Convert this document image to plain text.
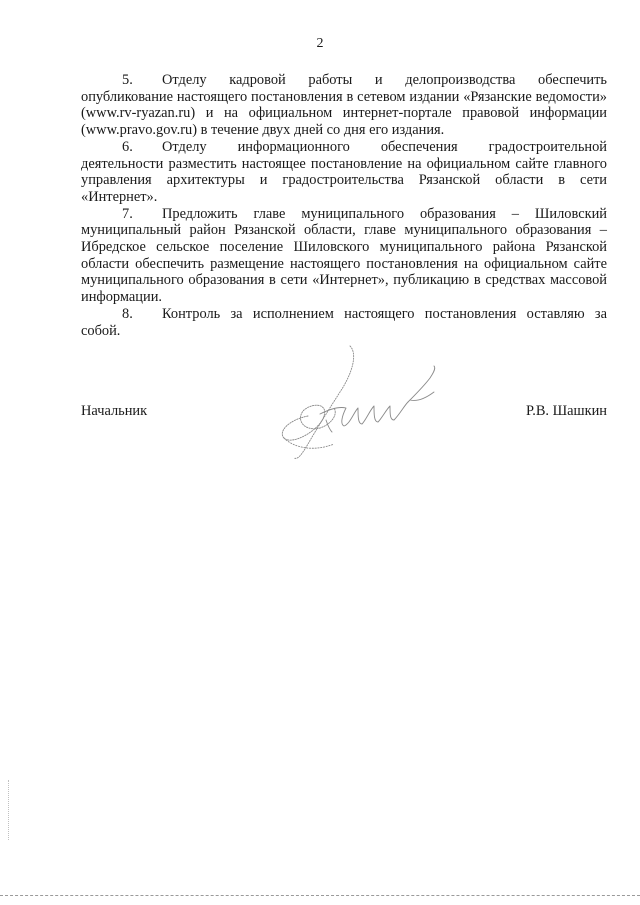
2

5. Отделу кадровой работы и делопроизводства обеспечить опубликование настоящего постановления в сетевом издании «Рязанские ведомости» (www.rv-ryazan.ru) и на официальном интернет-портале правовой информации (www.pravo.gov.ru) в течение двух дней со дня его издания.

6. Отделу информационного обеспечения градостроительной деятельности разместить настоящее постановление на официальном сайте главного управления архитектуры и градостроительства Рязанской области в сети «Интернет».

7. Предложить главе муниципального образования – Шиловский муниципальный район Рязанской области, главе муниципального образования – Ибредское сельское поселение Шиловского муниципального района Рязанской области обеспечить размещение настоящего постановления на официальном сайте муниципального образования в сети «Интернет», публикацию в средствах массовой информации.

8. Контроль за исполнением настоящего постановления оставляю за собой.

Начальник	Р.В. Шашкин
